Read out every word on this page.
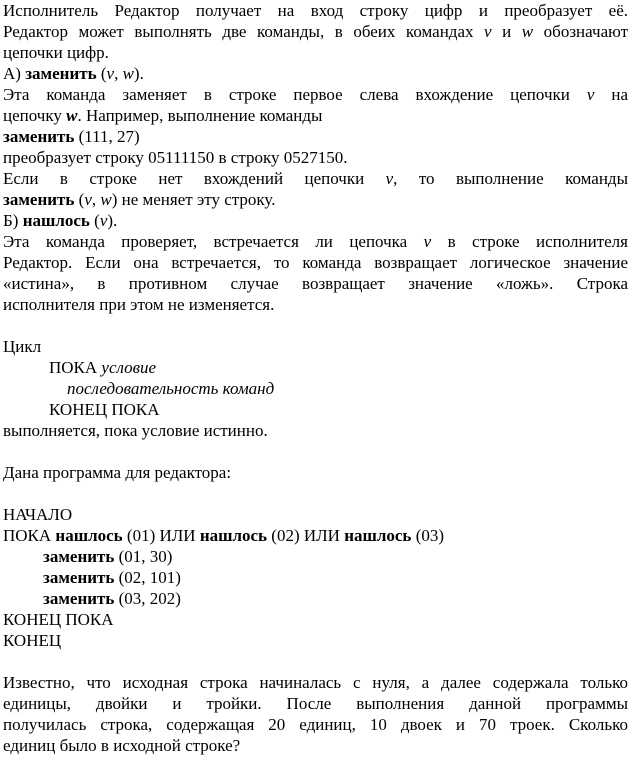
Исполнитель Редактор получает на вход строку цифр и преобразует её.

Редактор может выполнять две команды, в обеих командах v и w обозначают

цепочки цифр.

А) заменить (v, w).

Эта команда заменяет в строке первое слева вхождение цепочки v на

цепочку w. Например, выполнение команды

заменить (111, 27)

преобразует строку 05111150 в строку 0527150.

Если в строке нет вхождений цепочки v, то выполнение команды

заменить (v, w) не меняет эту строку.

Б) нашлось (v).

Эта команда проверяет, встречается ли цепочка v в строке исполнителя

Редактор. Если она встречается, то команда возвращает логическое значение

«истина», в противном случае возвращает значение «ложь». Строка

исполнителя при этом не изменяется.

Цикл

ПОКА условие

последовательность команд

КОНЕЦ ПОКА

выполняется, пока условие истинно.

Дана программа для редактора:

НАЧАЛО

ПОКА нашлось (01) ИЛИ нашлось (02) ИЛИ нашлось (03)

заменить (01, 30)

заменить (02, 101)

заменить (03, 202)

КОНЕЦ ПОКА

КОНЕЦ

Известно, что исходная строка начиналась с нуля, а далее содержала только

единицы, двойки и тройки. После выполнения данной программы

получилась строка, содержащая 20 единиц, 10 двоек и 70 троек. Сколько

единиц было в исходной строке?
